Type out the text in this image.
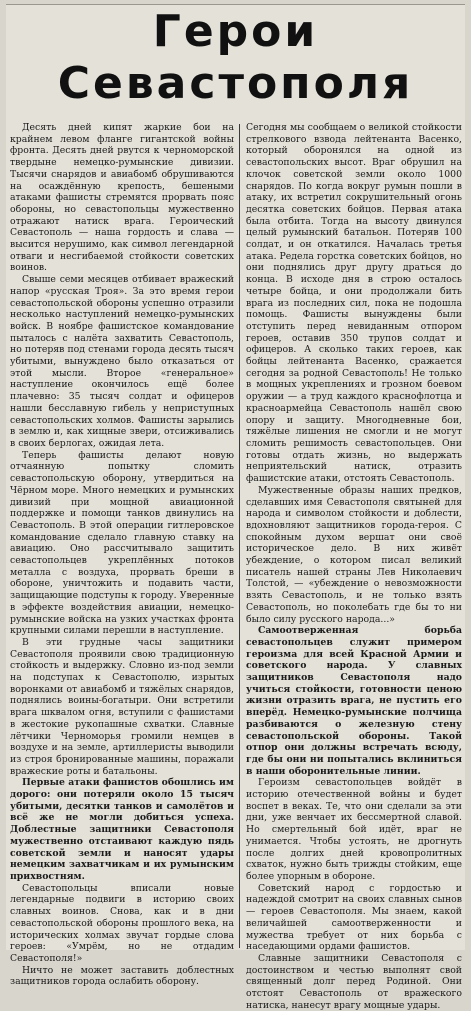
Герои
Севастополя

Десять дней кипят жаркие бои на крайнем левом фланге гигантской войны фронта. Десять дней рвутся к черноморской твердыне немецко-румынские дивизии. Тысячи снарядов и авиабомб обрушиваются на осаждённую крепость, бешеными атаками фашисты стремятся прорвать пояс обороны, но севастопольцы мужественно отражают натиск врага. Героический Севастополь — наша гордость и слава — высится нерушимо, как символ легендарной отваги и несгибаемой стойкости советских воинов.

Свыше семи месяцев отбивает вражеский напор «русская Троя». За это время герои севастопольской обороны успешно отразили несколько наступлений немецко-румынских войск. В ноябре фашистское командование пыталось с налёта захватить Севастополь, но потеряв под стенами города десять тысяч убитыми, вынуждено было отказаться от этой мысли. Второе «генеральное» наступление окончилось ещё более плачевно: 35 тысяч солдат и офицеров нашли бесславную гибель у неприступных севастопольских холмов. Фашисты зарылись в землю и, как хищные звери, отсиживались в своих берлогах, ожидая лета.

Теперь фашисты делают новую отчаянную попытку сломить севастопольскую оборону, утвердиться на Чёрном море. Много немецких и румынских дивизий при мощной авиационной поддержке и помощи танков двинулись на Севастополь. В этой операции гитлеровское командование сделало главную ставку на авиацию. Оно рассчитывало защитить севастопольцев укреплённых потоков металла с воздуха, прорвать бреши в обороне, уничтожить и подавить части, защищающие подступы к городу. Уверенные в эффекте воздействия авиации, немецко-румынские войска на узких участках фронта крупными силами перешли в наступление.

В эти грудные часы защитники Севастополя проявили свою традиционную стойкость и выдержку. Словно из-под земли на подступах к Севастополю, изрытых воронками от авиабомб и тяжёлых снарядов, поднялись воины-богатыри. Они встретили врага шквалом огня, вступили с фашистами в жестокие рукопашные схватки. Славные лётчики Черноморья громили немцев в воздухе и на земле, артиллеристы выводили из строя бронированные машины, поражали вражеские роты и батальоны.

Первые атаки фашистов обошлись им дорого: они потеряли около 15 тысяч убитыми, десятки танков и самолётов и всё же не могли добиться успеха. Доблестные защитники Севастополя мужественно отстаивают каждую пядь советской земли и наносят удары немецким захватчикам и их румынским прихвостням.

Севастопольцы вписали новые легендарные подвиги в историю своих славных воинов. Снова, как и в дни севастопольской обороны прошлого века, на исторических холмах звучат гордые слова героев: «Умрём, но не отдадим Севастополя!»

Ничто не может заставить доблестных защитников города ослабить оборону.

Сегодня мы сообщаем о великой стойкости стрелкового взвода лейтенанта Васенко, который оборонялся на одной из севастопольских высот. Враг обрушил на клочок советской земли около 1000 снарядов. По когда вокруг румын пошли в атаку, их встретил сокрушительный огонь десятка советских бойцов. Первая атака была отбита. Тогда на высоту двинулся целый румынский батальон. Потеряв 100 солдат, и он откатился. Началась третья атака. Редела горстка советских бойцов, но они поднялись друг другу драться до конца. В исходе дня в строю осталось четыре бойца, и они продолжали бить врага из последних сил, пока не подошла помощь. Фашисты вынуждены были отступить перед невиданным отпором героев, оставив 350 трупов солдат и офицеров. А сколько таких героев, как бойцы лейтенанта Васенко, сражается сегодня за родной Севастополь! Не только в мощных укреплениях и грозном боевом оружии — а труд каждого краснофлотца и красноармейца Севастополь нашёл свою опору и защиту. Многодневные бои, тяжёлые лишения не смогли и не могут сломить решимость севастопольцев. Они готовы отдать жизнь, но выдержать неприятельский натиск, отразить фашистские атаки, отстоять Севастополь.

Мужественные образы наших предков, сделавших имя Севастополя святыней для народа и символом стойкости и доблести, вдохновляют защитников города-героя. С спокойным духом вершат они своё историческое дело. В них живёт убеждение, о котором писал великий писатель нашей страны Лев Николаевич Толстой, — «убеждение о невозможности взять Севастополь, и не только взять Севастополь, но поколебать где бы то ни было силу русского народа...»

Самоотверженная борьба севастопольцев служит примером героизма для всей Красной Армии и советского народа. У славных защитников Севастополя надо учиться стойкости, готовности ценою жизни отразить врага, не пустить его вперёд. Немецко-румынские полчища разбиваются о железную стену севастопольской обороны. Такой отпор они должны встречать всюду, где бы они ни попытались вклиниться в наши оборонительные линии.

Героизм севастопольцев войдёт в историю отечественной войны и будет воспет в веках. Те, что они сделали за эти дни, уже венчает их бессмертной славой. Но смертельный бой идёт, враг не унимается. Чтобы устоять, не дрогнуть после долгих дней кровопролитных схваток, нужно быть трижды стойким, еще более упорным в обороне.

Советский народ с гордостью и надеждой смотрит на своих славных сынов — героев Севастополя. Мы знаем, какой величайшей самоотверженности и мужества требует от них борьба с наседающими ордами фашистов.

Славные защитники Севастополя с достоинством и честью выполнят свой священный долг перед Родиной. Они отстоят Севастополь от вражеского натиска, нанесут врагу мощные удары.
